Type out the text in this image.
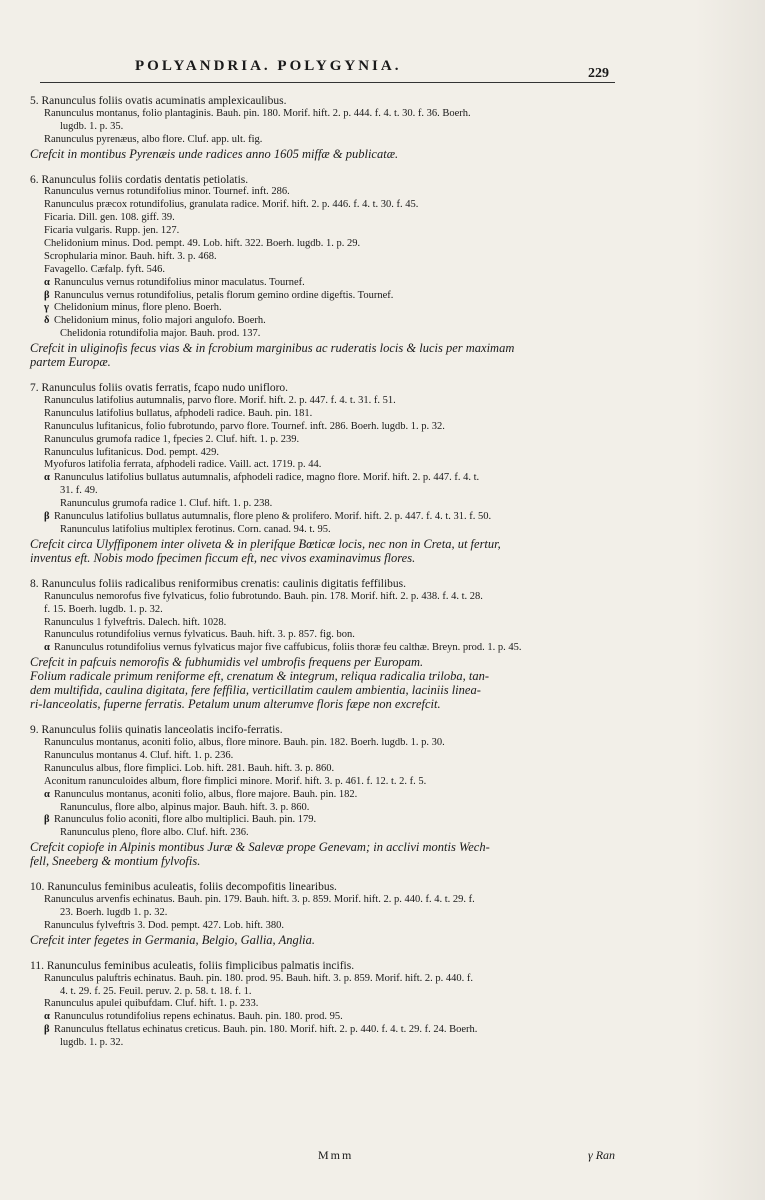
POLYANDRIA. POLYGYNIA.	229
5. Ranunculus foliis ovatis acuminatis amplexicaulibus.
Ranunculus montanus, folio plantaginis. Bauh. pin. 180. Morif. hift. 2. p. 444. f. 4. t. 30. f. 36. Boerh.
lugdb. 1. p. 35.
Ranunculus pyrenæus, albo flore. Cluf. app. ult. fig.
Crefcit in montibus Pyrenæis unde radices anno 1605 miffæ & publicatæ.
6. Ranunculus foliis cordatis dentatis petiolatis.
Ranunculus vernus rotundifolius minor. Tournef. inft. 286.
Ranunculus præcox rotundifolius, granulata radice. Morif. hift. 2. p. 446. f. 4. t. 30. f. 45.
Ficaria. Dill. gen. 108. giff. 39.
Ficaria vulgaris. Rupp. jen. 127.
Chelidonium minus. Dod. pempt. 49. Lob. hift. 322. Boerh. lugdb. 1. p. 29.
Scrophularia minor. Bauh. hift. 3. p. 468.
Favagello. Cæfalp. fyft. 546.
α Ranunculus vernus rotundifolius minor maculatus. Tournef.
β Ranunculus vernus rotundifolius, petalis florum gemino ordine digeftis. Tournef.
γ Chelidonium minus, flore pleno. Boerh.
δ Chelidonium minus, folio majori angulofo. Boerh.
Chelidonia rotundifolia major. Bauh. prod. 137.
Crefcit in uliginofis fecus vias & in fcrobium marginibus ac ruderatis locis & lucis per maximam
partem Europæ.
7. Ranunculus foliis ovatis ferratis, fcapo nudo unifloro.
Ranunculus latifolius autumnalis, parvo flore. Morif. hift. 2. p. 447. f. 4. t. 31. f. 51.
Ranunculus latifolius bullatus, afphodeli radice. Bauh. pin. 181.
Ranunculus lufitanicus, folio fubrotundo, parvo flore. Tournef. inft. 286. Boerh. lugdb. 1. p. 32.
Ranunculus grumofa radice 1, fpecies 2. Cluf. hift. 1. p. 239.
Ranunculus lufitanicus. Dod. pempt. 429.
Myofuros latifolia ferrata, afphodeli radice. Vaill. act. 1719. p. 44.
α Ranunculus latifolius bullatus autumnalis, afphodeli radice, magno flore. Morif. hift. 2. p. 447. f. 4. t.
31. f. 49.
Ranunculus grumofa radice 1. Cluf. hift. 1. p. 238.
β Ranunculus latifolius bullatus autumnalis, flore pleno & prolifero. Morif. hift. 2. p. 447. f. 4. t. 31. f. 50.
Ranunculus latifolius multiplex ferotinus. Corn. canad. 94. t. 95.
Crefcit circa Ulyffiponem inter oliveta & in plerifque Bœticæ locis, nec non in Creta, ut fertur,
inventus eft. Nobis modo fpecimen ficcum eft, nec vivos examinavimus flores.
8. Ranunculus foliis radicalibus reniformibus crenatis: caulinis digitatis feffilibus.
Ranunculus nemorofus five fylvaticus, folio fubrotundo. Bauh. pin. 178. Morif. hift. 2. p. 438. f. 4. t. 28.
f. 15. Boerh. lugdb. 1. p. 32.
Ranunculus 1 fylveftris. Dalech. hift. 1028.
Ranunculus rotundifolius vernus fylvaticus. Bauh. hift. 3. p. 857. fig. bon.
α Ranunculus rotundifolius vernus fylvaticus major five caffubicus, foliis thoræ feu calthæ. Breyn. prod. 1. p. 45.
Crefcit in pafcuis nemorofis & fubhumidis vel umbrofis frequens per Europam.
Folium radicale primum reniforme eft, crenatum & integrum, reliqua radicalia triloba, tan-
dem multifida, caulina digitata, fere feffilia, verticillatim caulem ambientia, laciniis linea-
ri-lanceolatis, fuperne ferratis. Petalum unum alterumve floris fæpe non excrefcit.
9. Ranunculus foliis quinatis lanceolatis incifo-ferratis.
Ranunculus montanus, aconiti folio, albus, flore minore. Bauh. pin. 182. Boerh. lugdb. 1. p. 30.
Ranunculus montanus 4. Cluf. hift. 1. p. 236.
Ranunculus albus, flore fimplici. Lob. hift. 281. Bauh. hift. 3. p. 860.
Aconitum ranunculoides album, flore fimplici minore. Morif. hift. 3. p. 461. f. 12. t. 2. f. 5.
α Ranunculus montanus, aconiti folio, albus, flore majore. Bauh. pin. 182.
Ranunculus, flore albo, alpinus major. Bauh. hift. 3. p. 860.
β Ranunculus folio aconiti, flore albo multiplici. Bauh. pin. 179.
Ranunculus pleno, flore albo. Cluf. hift. 236.
Crefcit copiofe in Alpinis montibus Juræ & Salevæ prope Genevam; in acclivi montis Wech-
fell, Sneeberg & montium fylvofis.
10. Ranunculus feminibus aculeatis, foliis decompofitis linearibus.
Ranunculus arvenfis echinatus. Bauh. pin. 179. Bauh. hift. 3. p. 859. Morif. hift. 2. p. 440. f. 4. t. 29. f.
23. Boerh. lugdb 1. p. 32.
Ranunculus fylveftris 3. Dod. pempt. 427. Lob. hift. 380.
Crefcit inter fegetes in Germania, Belgio, Gallia, Anglia.
11. Ranunculus feminibus aculeatis, foliis fimplicibus palmatis incifis.
Ranunculus paluftris echinatus. Bauh. pin. 180. prod. 95. Bauh. hift. 3. p. 859. Morif. hift. 2. p. 440. f.
4. t. 29. f. 25. Feuil. peruv. 2. p. 58. t. 18. f. 1.
Ranunculus apulei quibufdam. Cluf. hift. 1. p. 233.
α Ranunculus rotundifolius repens echinatus. Bauh. pin. 180. prod. 95.
β Ranunculus ftellatus echinatus creticus. Bauh. pin. 180. Morif. hift. 2. p. 440. f. 4. t. 29. f. 24. Boerh.
lugdb. 1. p. 32.
Mmm	γ Ran
